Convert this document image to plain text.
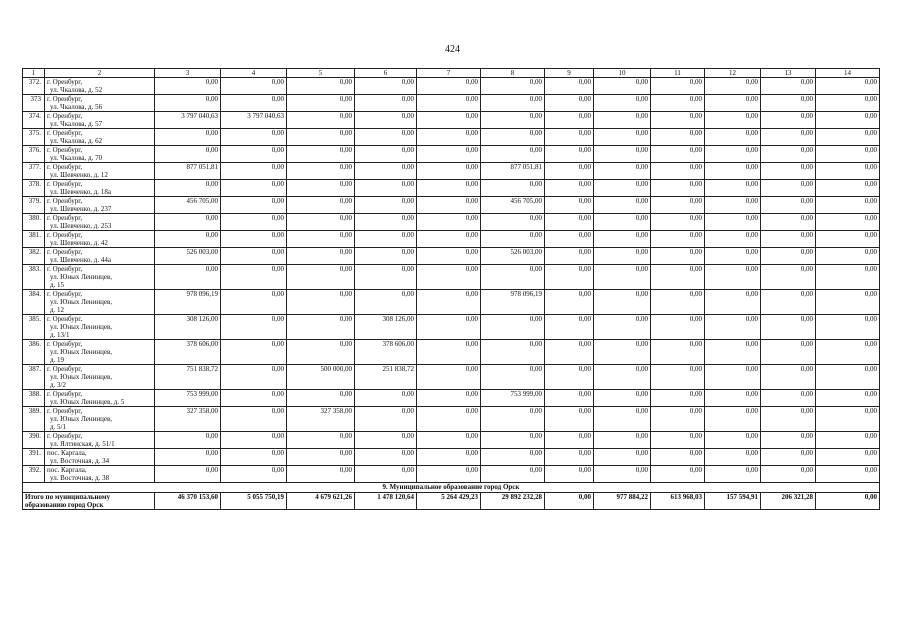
424
1	2	3	4	5	6	7	8	9	10	11	12	13	14
372.	г. Оренбург,
ул. Чкалова, д. 52	0,00	0,00	0,00	0,00	0,00	0,00	0,00	0,00	0,00	0,00	0,00	0,00
373	г. Оренбург,
ул. Чкалова, д. 56	0,00	0,00	0,00	0,00	0,00	0,00	0,00	0,00	0,00	0,00	0,00	0,00
374.	г. Оренбург,
ул. Чкалова, д. 57	3 797 040,63	3 797 040,63	0,00	0,00	0,00	0,00	0,00	0,00	0,00	0,00	0,00	0,00
375.	г. Оренбург,
ул. Чкалова, д. 62	0,00	0,00	0,00	0,00	0,00	0,00	0,00	0,00	0,00	0,00	0,00	0,00
376.	г. Оренбург,
ул. Чкалова, д. 70	0,00	0,00	0,00	0,00	0,00	0,00	0,00	0,00	0,00	0,00	0,00	0,00
377.	г. Оренбург,
ул. Шевченко, д. 12	877 051,81	0,00	0,00	0,00	0,00	877 051,81	0,00	0,00	0,00	0,00	0,00	0,00
378.	г. Оренбург,
ул. Шевченко, д. 18а	0,00	0,00	0,00	0,00	0,00	0,00	0,00	0,00	0,00	0,00	0,00	0,00
379.	г. Оренбург,
ул. Шевченко, д. 237	456 705,00	0,00	0,00	0,00	0,00	456 705,00	0,00	0,00	0,00	0,00	0,00	0,00
380.	г. Оренбург,
ул. Шевченко, д. 253	0,00	0,00	0,00	0,00	0,00	0,00	0,00	0,00	0,00	0,00	0,00	0,00
381.	г. Оренбург,
ул. Шевченко, д. 42	0,00	0,00	0,00	0,00	0,00	0,00	0,00	0,00	0,00	0,00	0,00	0,00
382.	г. Оренбург,
ул. Шевченко, д. 44а	526 003,00	0,00	0,00	0,00	0,00	526 003,00	0,00	0,00	0,00	0,00	0,00	0,00
383.	г. Оренбург,
ул. Юных Ленинцев,
д. 15	0,00	0,00	0,00	0,00	0,00	0,00	0,00	0,00	0,00	0,00	0,00	0,00
384.	г. Оренбург,
ул. Юных Ленинцев,
д. 12	978 096,19	0,00	0,00	0,00	0,00	978 096,19	0,00	0,00	0,00	0,00	0,00	0,00
385.	г. Оренбург,
ул. Юных Ленинцев,
д. 13/1	308 126,00	0,00	0,00	308 126,00	0,00	0,00	0,00	0,00	0,00	0,00	0,00	0,00
386.	г. Оренбург,
ул. Юных Ленинцев,
д. 19	378 606,00	0,00	0,00	378 606,00	0,00	0,00	0,00	0,00	0,00	0,00	0,00	0,00
387.	г. Оренбург,
ул. Юных Ленинцев,
д. 3/2	751 838,72	0,00	500 000,00	251 838,72	0,00	0,00	0,00	0,00	0,00	0,00	0,00	0,00
388.	г. Оренбург,
ул. Юных Ленинцев, д. 5	753 999,00	0,00	0,00	0,00	0,00	753 999,00	0,00	0,00	0,00	0,00	0,00	0,00
389.	г. Оренбург,
ул. Юных Ленинцев,
д. 5/1	327 358,00	0,00	327 358,00	0,00	0,00	0,00	0,00	0,00	0,00	0,00	0,00	0,00
390.	г. Оренбург,
ул. Ялтинская, д. 51/1	0,00	0,00	0,00	0,00	0,00	0,00	0,00	0,00	0,00	0,00	0,00	0,00
391.	пос. Каргала,
ул. Восточная, д. 34	0,00	0,00	0,00	0,00	0,00	0,00	0,00	0,00	0,00	0,00	0,00	0,00
392.	пос. Каргала,
ул. Восточная, д. 38	0,00	0,00	0,00	0,00	0,00	0,00	0,00	0,00	0,00	0,00	0,00	0,00
9. Муниципальное образование город Орск													
Итого по муниципальному образованию город Орск		46 370 153,60	5 055 750,19	4 679 621,26	1 478 120,64	5 264 429,23	29 892 232,28	0,00	977 884,22	613 968,03	157 594,91	206 321,28	0,00
